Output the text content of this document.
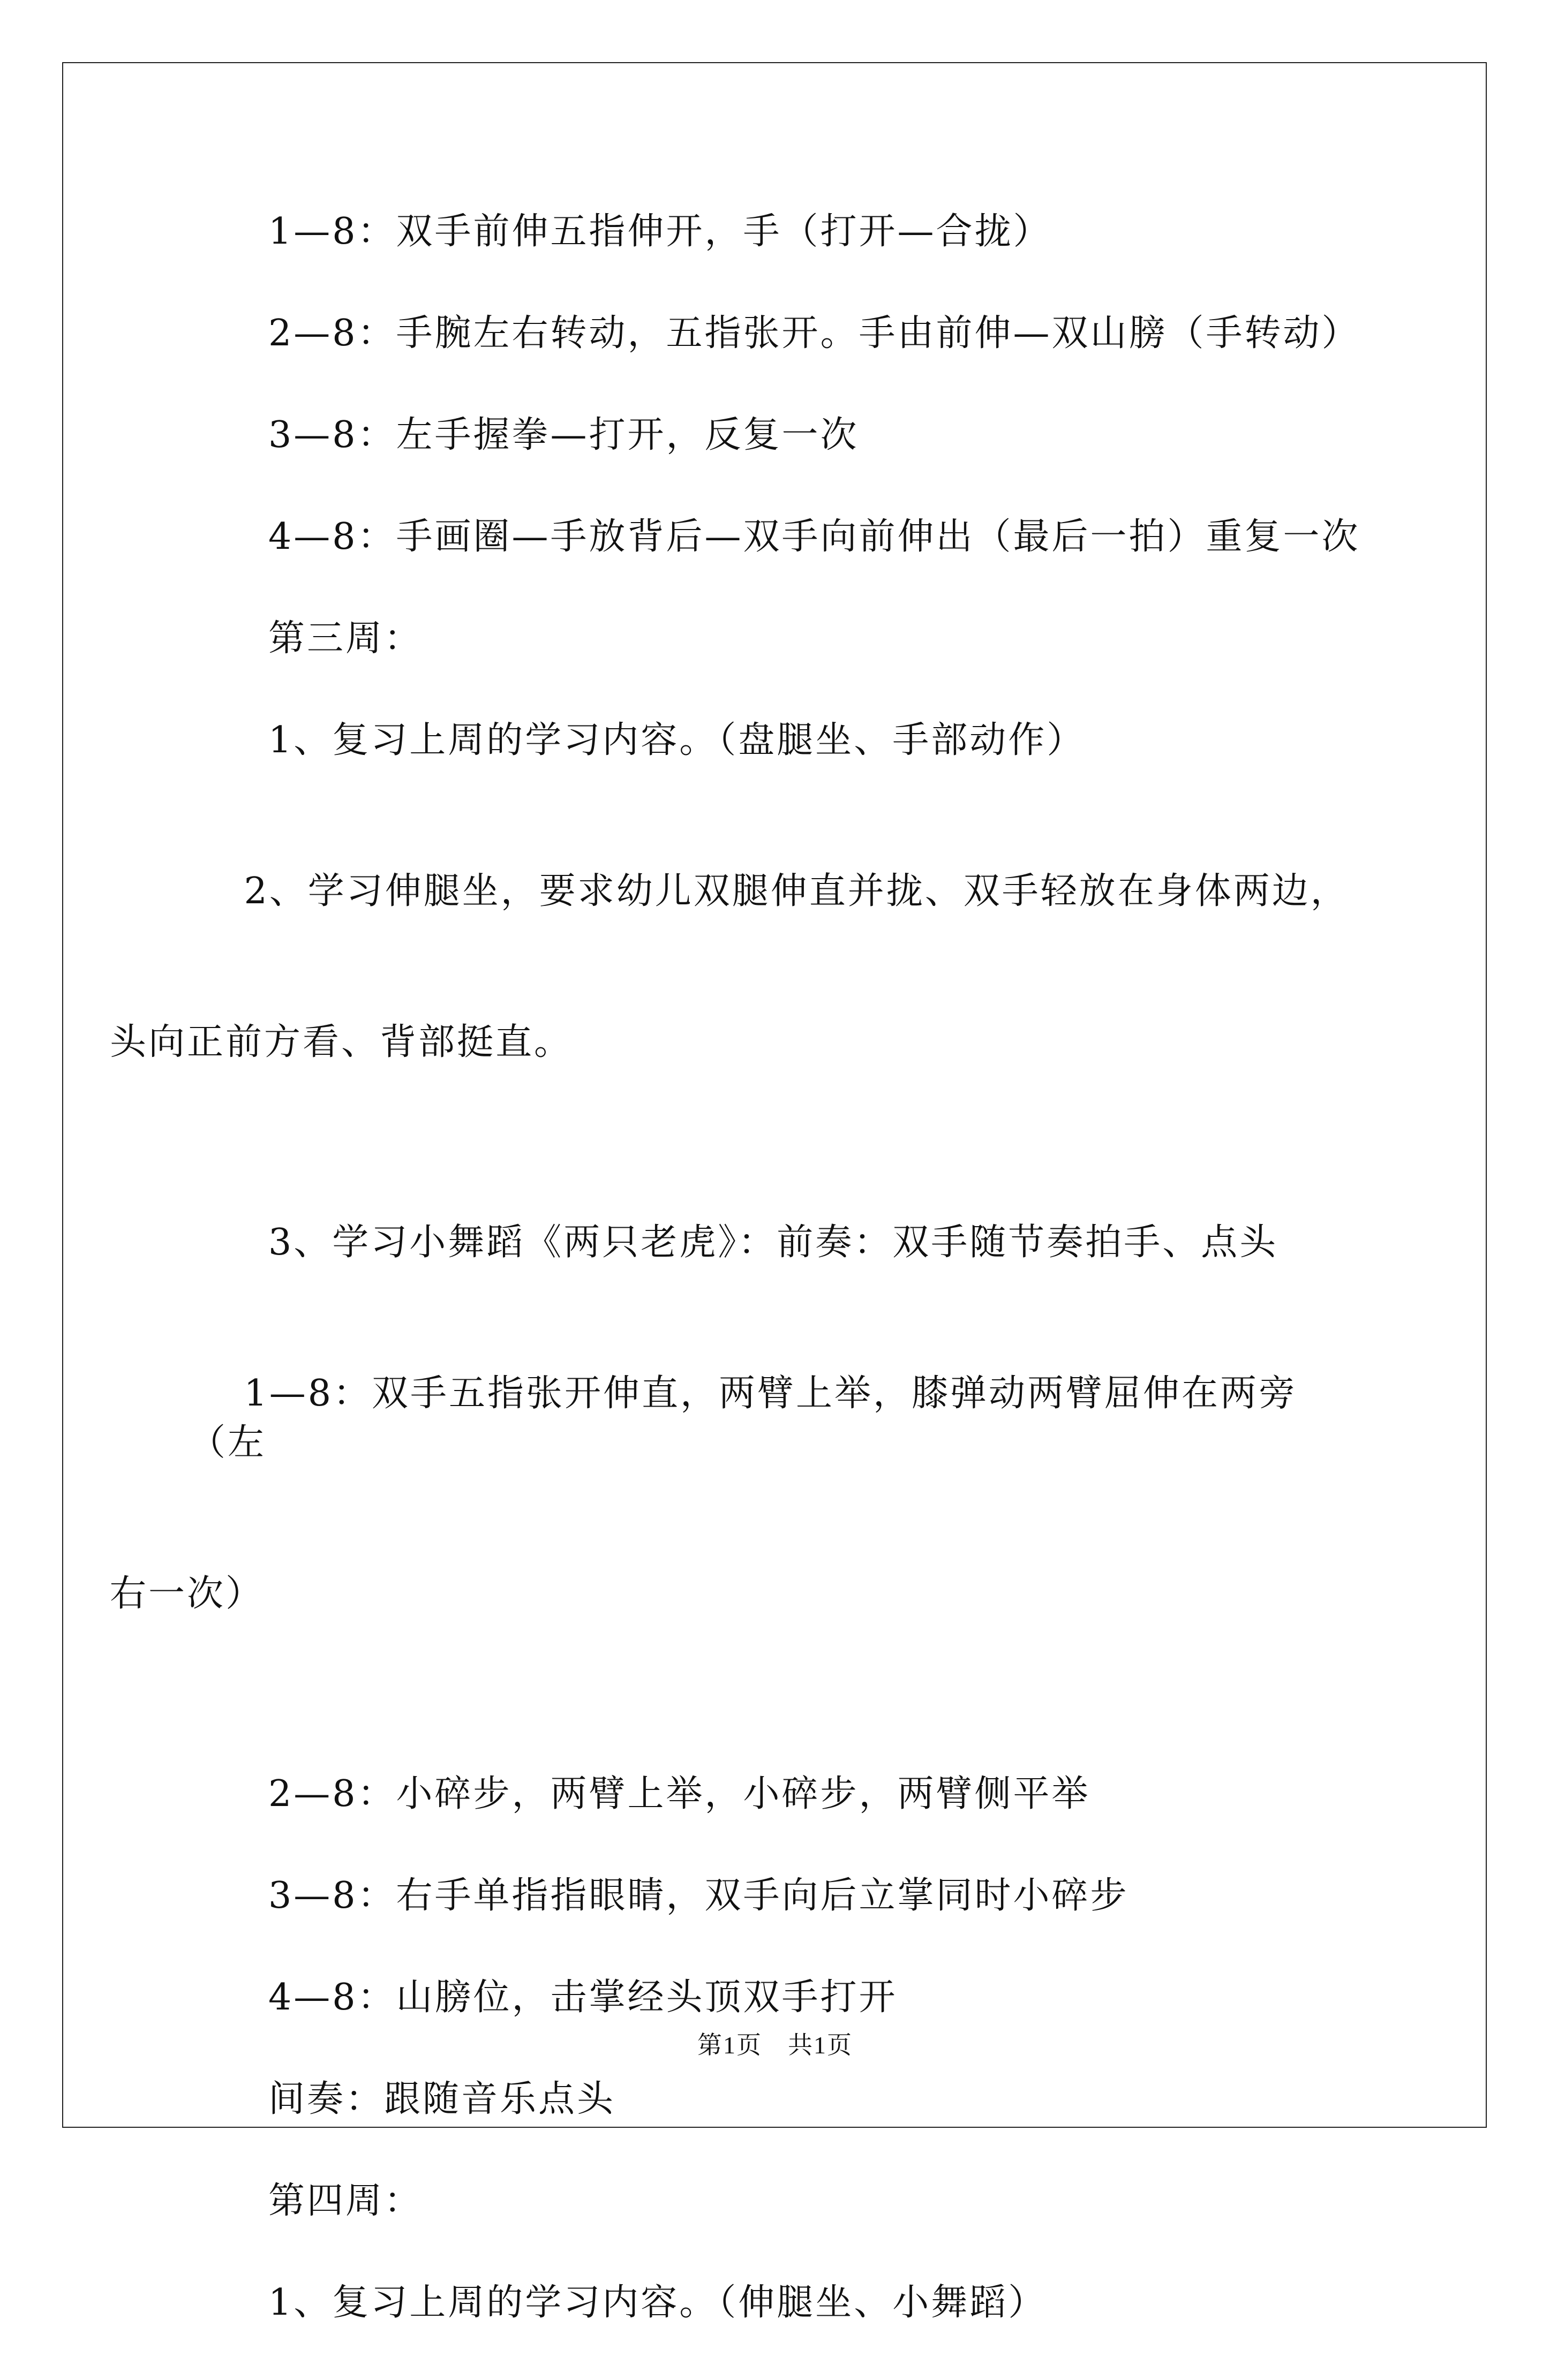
1—8：双手前伸五指伸开，手（打开—合拢）

2—8：手腕左右转动，五指张开。手由前伸—双山膀（手转动）

3—8：左手握拳—打开，反复一次

4—8：手画圈—手放背后—双手向前伸出（最后一拍）重复一次

第三周：

1、复习上周的学习内容。（盘腿坐、手部动作）

2、学习伸腿坐，要求幼儿双腿伸直并拢、双手轻放在身体两边，

头向正前方看、背部挺直。

3、学习小舞蹈《两只老虎》：前奏：双手随节奏拍手、点头

1—8：双手五指张开伸直，两臂上举，膝弹动两臂屈伸在两旁（左

右一次）

2—8：小碎步，两臂上举，小碎步，两臂侧平举

3—8：右手单指指眼睛，双手向后立掌同时小碎步

4—8：山膀位，击掌经头顶双手打开

间奏：跟随音乐点头

第四周：

1、复习上周的学习内容。（伸腿坐、小舞蹈）

第1页　共1页
